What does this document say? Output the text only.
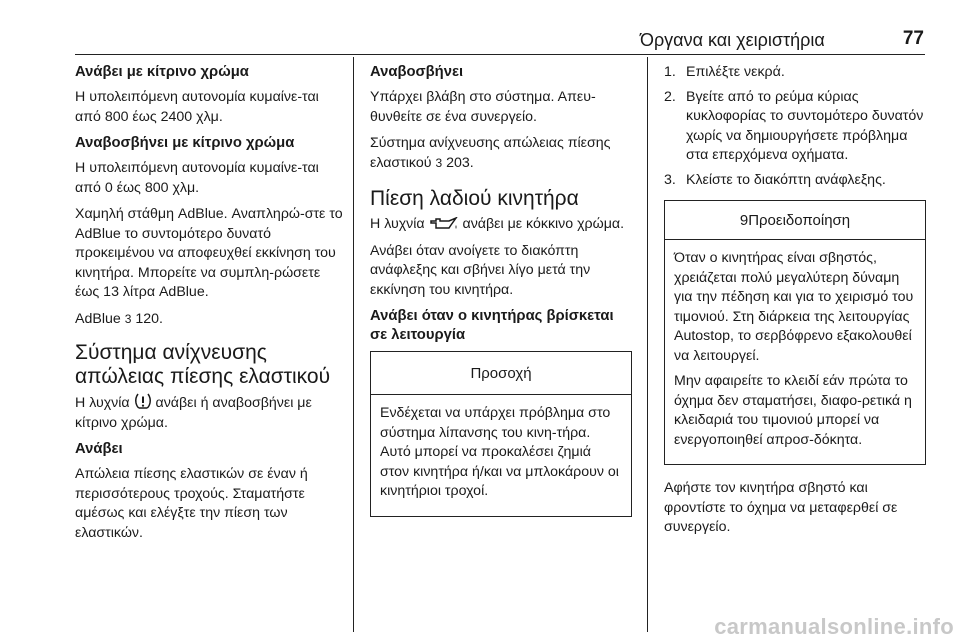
Όργανα και χειριστήρια	77
Ανάβει με κίτρινο χρώμα

Η υπολειπόμενη αυτονομία κυμαίνε-ται από 800 έως 2400 χλμ.

Αναβοσβήνει με κίτρινο χρώμα

Η υπολειπόμενη αυτονομία κυμαίνε-ται από 0 έως 800 χλμ.

Χαμηλή στάθμη AdBlue. Αναπληρώ-στε το AdBlue το συντομότερο δυνατό προκειμένου να αποφευχθεί εκκίνηση του κινητήρα. Μπορείτε να συμπλη-ρώσετε έως 13 λίτρα AdBlue.

AdBlue 3 120.

Σύστημα ανίχνευσης απώλειας πίεσης ελαστικού

Η λυχνία ανάβει ή αναβοσβήνει με κίτρινο χρώμα.

Ανάβει

Απώλεια πίεσης ελαστικών σε έναν ή περισσότερους τροχούς. Σταματήστε αμέσως και ελέγξτε την πίεση των ελαστικών.

Αναβοσβήνει

Υπάρχει βλάβη στο σύστημα. Απευ-θυνθείτε σε ένα συνεργείο.

Σύστημα ανίχνευσης απώλειας πίεσης ελαστικού 3 203.

Πίεση λαδιού κινητήρα

Η λυχνία	ανάβει με κόκκινο χρώμα.

Ανάβει όταν ανοίγετε το διακόπτη ανάφλεξης και σβήνει λίγο μετά την εκκίνηση του κινητήρα.

Ανάβει όταν ο κινητήρας βρίσκεται σε λειτουργία
Προσοχή

Ενδέχεται να υπάρχει πρόβλημα στο σύστημα λίπανσης του κινη-τήρα. Αυτό μπορεί να προκαλέσει ζημιά στον κινητήρα ή/και να μπλοκάρουν οι κινητήριοι τροχοί.

1. Επιλέξτε νεκρά.
2. Βγείτε από το ρεύμα κύριας κυκλοφορίας το συντομότερο δυνατόν χωρίς να δημιουργήσετε πρόβλημα στα επερχόμενα οχήματα.
3. Κλείστε το διακόπτη ανάφλεξης.
9Προειδοποίηση

Όταν ο κινητήρας είναι σβηστός, χρειάζεται πολύ μεγαλύτερη δύναμη για την πέδηση και για το χειρισμό του τιμονιού. Στη διάρκεια της λειτουργίας Autostop, το σερβόφρενο εξακολουθεί να λειτουργεί.

Μην αφαιρείτε το κλειδί εάν πρώτα το όχημα δεν σταματήσει, διαφο-ρετικά η κλειδαριά του τιμονιού μπορεί να ενεργοποιηθεί απροσ-δόκητα.

Αφήστε τον κινητήρα σβηστό και φροντίστε το όχημα να μεταφερθεί σε συνεργείο.

carmanualsonline.info
